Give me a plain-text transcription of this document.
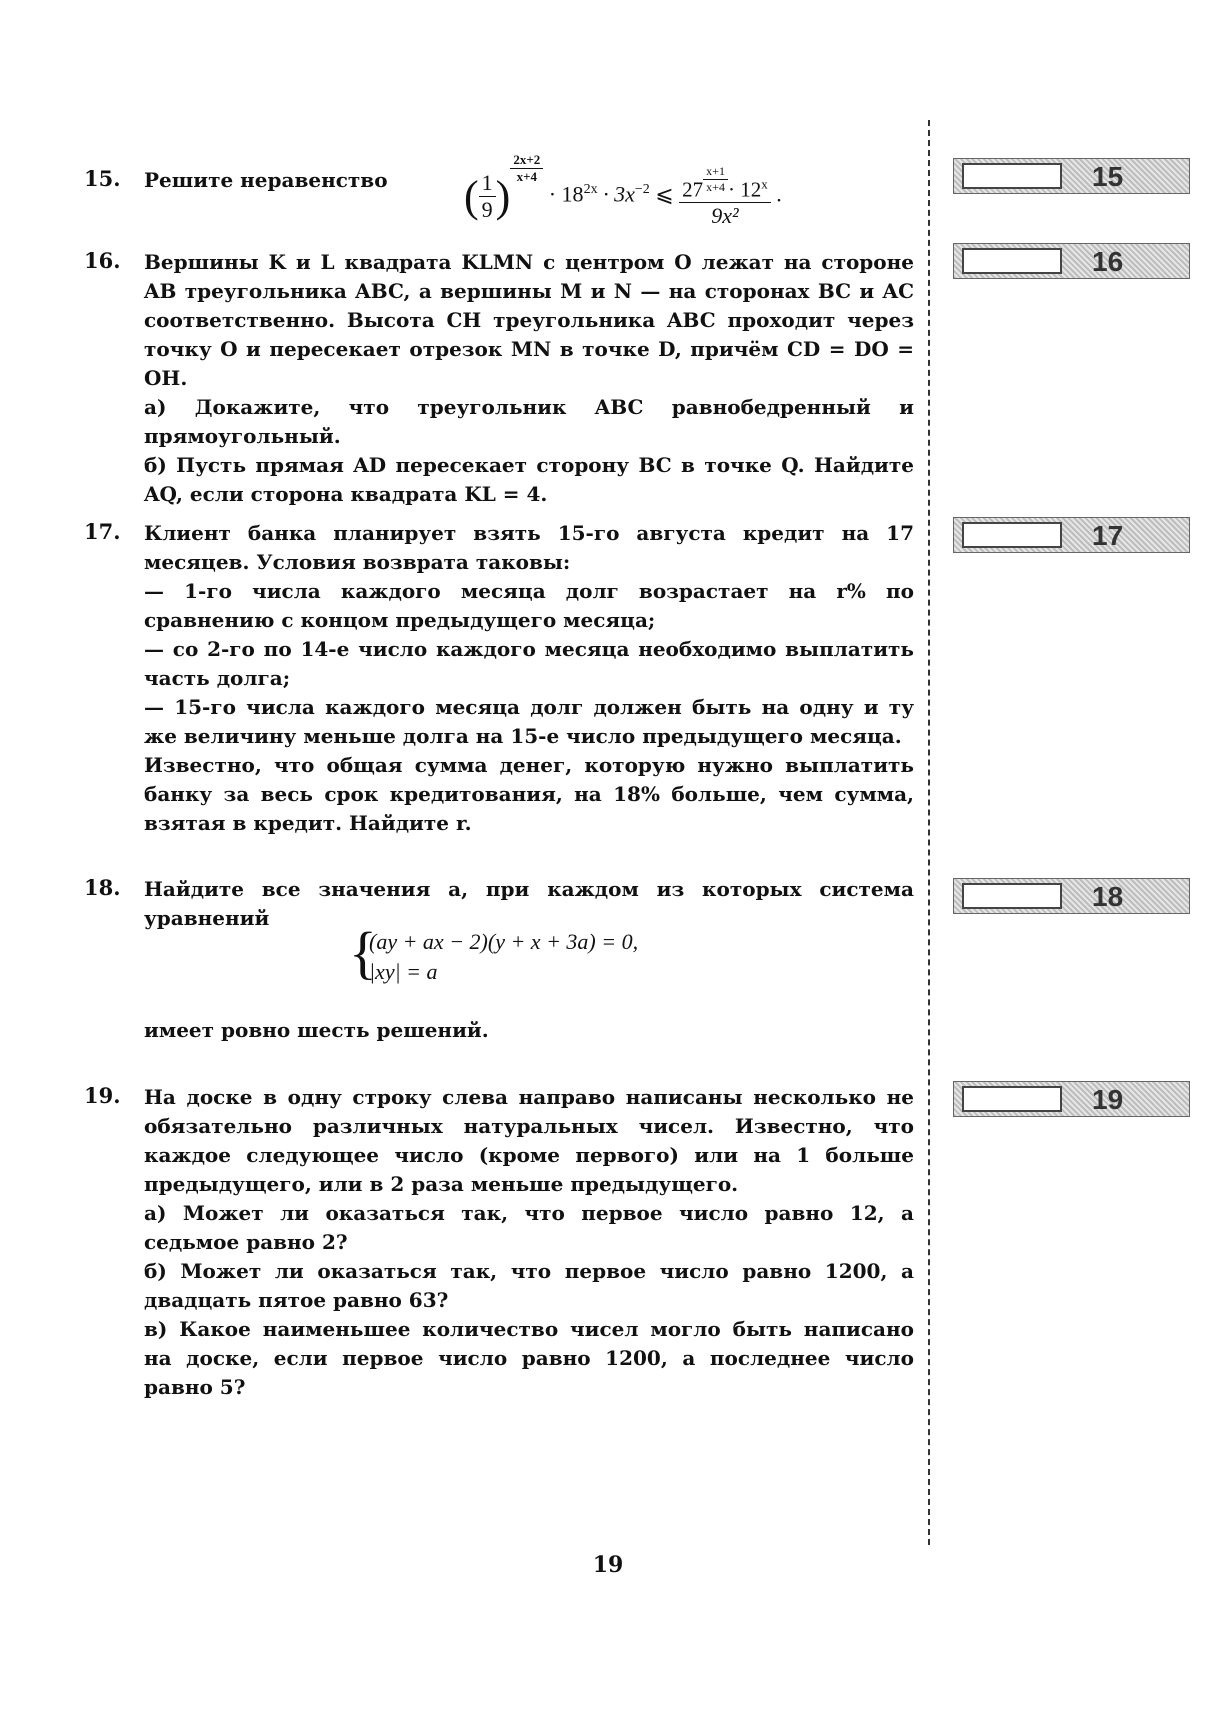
15. Решите неравенство	( $\frac{1}{9}$ )
$^{\frac{2x+2}{x+4}}$
· $18^{2x} \cdot 3x^{-2}$ ⩽ 27 $^{\frac{x+1}{x+4}} \cdot 12^x$
9x² .
15
16. Вершины K и L квадрата KLMN с центром O лежат на стороне AB треугольника ABC, а вершины M и N — на сторонах BC и AC соответственно. Высота CH треугольника ABC проходит через точку O и пересекает отрезок MN в точке D, причём CD = DO = OH.

а) Докажите, что треугольник ABC равнобедренный и прямоугольный.

б) Пусть прямая AD пересекает сторону BC в точке Q. Найдите AQ, если сторона квадрата KL = 4.

16
17. Клиент банка планирует взять 15-го августа кредит на 17 месяцев. Условия возврата таковы:

— 1-го числа каждого месяца долг возрастает на r% по сравнению с концом предыдущего месяца;

— со 2-го по 14-е число каждого месяца необходимо выплатить часть долга;

— 15-го числа каждого месяца долг должен быть на одну и ту же величину меньше долга на 15-е число предыдущего месяца.

Известно, что общая сумма денег, которую нужно выплатить банку за весь срок кредитования, на 18% больше, чем сумма, взятая в кредит. Найдите r.

17
18. Найдите все значения a, при каждом из которых система уравнений

{
(ay + ax − 2)(y + x + 3a) = 0,
|xy| = a

имеет ровно шесть решений.

18
19. На доске в одну строку слева направо написаны несколько не обязательно различных натуральных чисел. Известно, что каждое следующее число (кроме первого) или на 1 больше предыдущего, или в 2 раза меньше предыдущего.

а) Может ли оказаться так, что первое число равно 12, а седьмое равно 2?

б) Может ли оказаться так, что первое число равно 1200, а двадцать пятое равно 63?

в) Какое наименьшее количество чисел могло быть написано на доске, если первое число равно 1200, а последнее число равно 5?

19
19
